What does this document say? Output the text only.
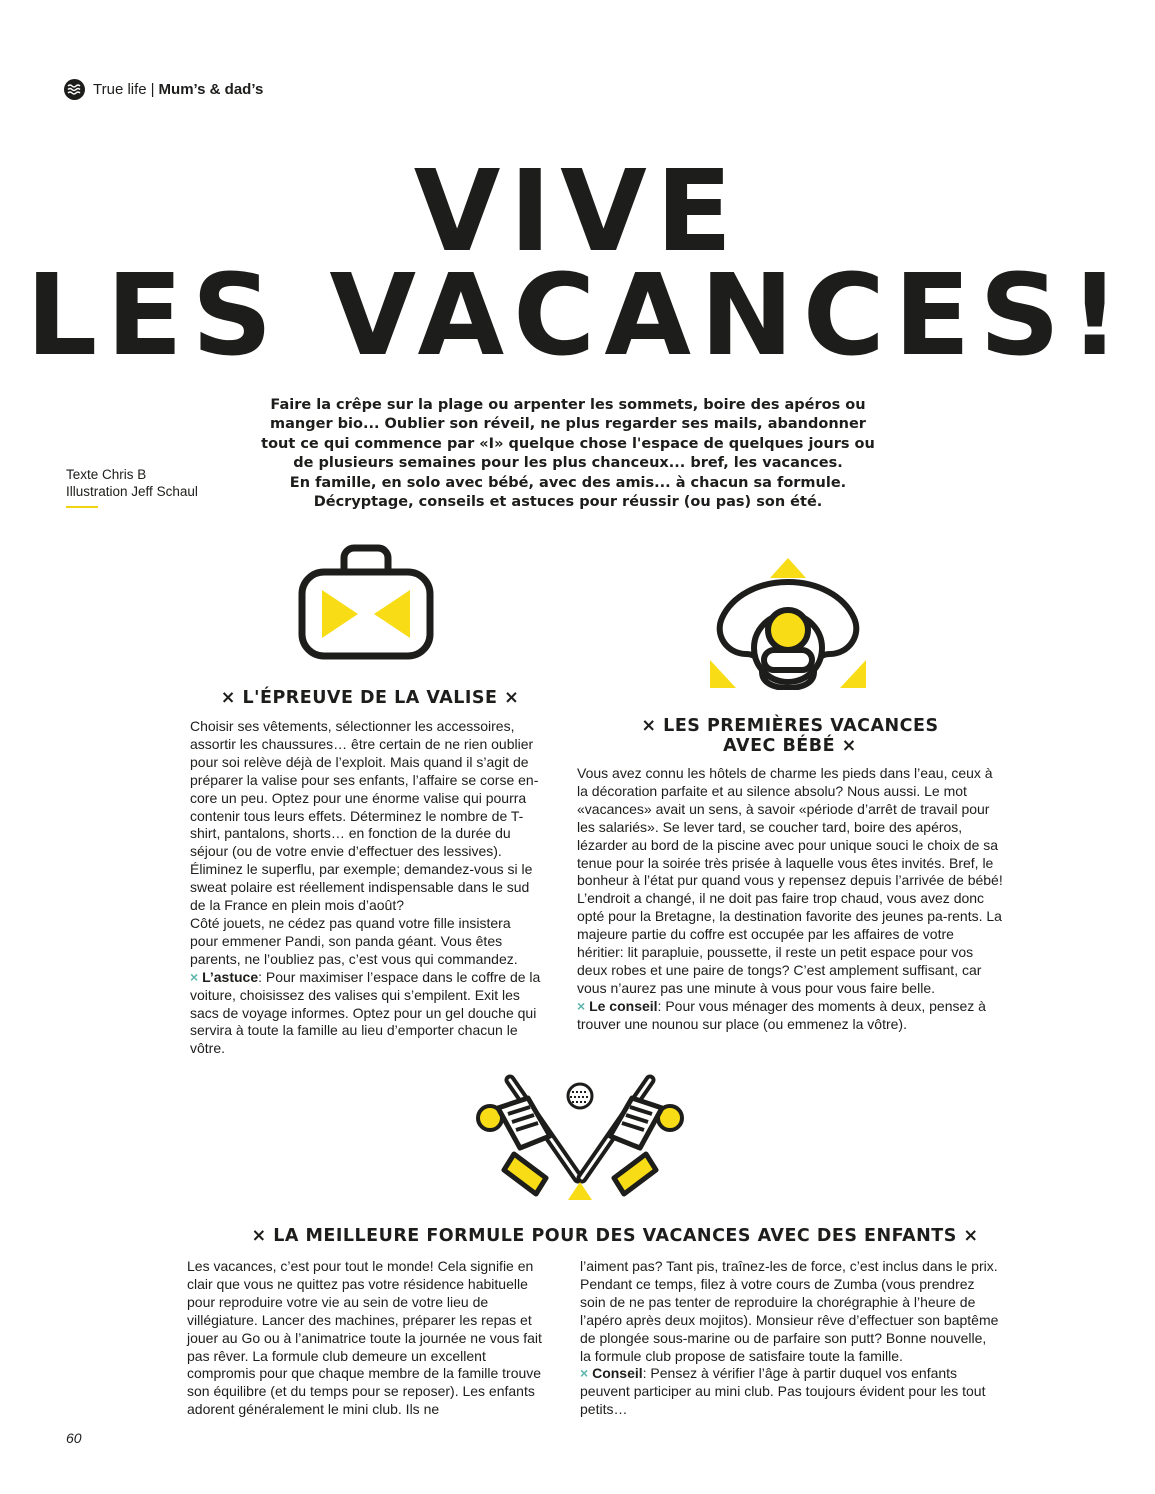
True life | Mum’s & dad’s
VIVE
LES VACANCES!
Faire la crêpe sur la plage ou arpenter les sommets, boire des apéros ou
manger bio... Oublier son réveil, ne plus regarder ses mails, abandonner
tout ce qui commence par «I» quelque chose l'espace de quelques jours ou
de plusieurs semaines pour les plus chanceux... bref, les vacances.
En famille, en solo avec bébé, avec des amis... à chacun sa formule.
Décryptage, conseils et astuces pour réussir (ou pas) son été.
Texte Chris B
Illustration Jeff Schaul
× L'ÉPREUVE DE LA VALISE ×

Choisir ses vêtements, sélectionner les accessoires, assortir les chaussures… être certain de ne rien oublier pour soi relève déjà de l’exploit. Mais quand il s’agit de préparer la valise pour ses enfants, l’affaire se corse en-core un peu. Optez pour une énorme valise qui pourra contenir tous leurs effets. Déterminez le nombre de T-shirt, pantalons, shorts… en fonction de la durée du séjour (ou de votre envie d’effectuer des lessives). Éliminez le superflu, par exemple; demandez-vous si le sweat polaire est réellement indispensable dans le sud de la France en plein mois d’août?

Côté jouets, ne cédez pas quand votre fille insistera pour emmener Pandi, son panda géant. Vous êtes parents, ne l’oubliez pas, c’est vous qui commandez.

× L’astuce: Pour maximiser l’espace dans le coffre de la voiture, choisissez des valises qui s’empilent. Exit les sacs de voyage informes. Optez pour un gel douche qui servira à toute la famille au lieu d’emporter chacun le vôtre.

× LES PREMIÈRES VACANCES
AVEC BÉBÉ ×

Vous avez connu les hôtels de charme les pieds dans l’eau, ceux à la décoration parfaite et au silence absolu? Nous aussi. Le mot «vacances» avait un sens, à savoir «période d’arrêt de travail pour les salariés». Se lever tard, se coucher tard, boire des apéros, lézarder au bord de la piscine avec pour unique souci le choix de sa tenue pour la soirée très prisée à laquelle vous êtes invités. Bref, le bonheur à l’état pur quand vous y repensez depuis l’arrivée de bébé! L’endroit a changé, il ne doit pas faire trop chaud, vous avez donc opté pour la Bretagne, la destination favorite des jeunes pa-rents. La majeure partie du coffre est occupée par les affaires de votre héritier: lit parapluie, poussette, il reste un petit espace pour vos deux robes et une paire de tongs? C’est amplement suffisant, car vous n’aurez pas une minute à vous pour vous faire belle.

× Le conseil: Pour vous ménager des moments à deux, pensez à trouver une nounou sur place (ou emmenez la vôtre).

× LA MEILLEURE FORMULE POUR DES VACANCES AVEC DES ENFANTS ×

Les vacances, c’est pour tout le monde! Cela signifie en clair que vous ne quittez pas votre résidence habituelle pour reproduire votre vie au sein de votre lieu de villégiature. Lancer des machines, préparer les repas et jouer au Go ou à l’animatrice toute la journée ne vous fait pas rêver. La formule club demeure un excellent compromis pour que chaque membre de la famille trouve son équilibre (et du temps pour se reposer). Les enfants adorent généralement le mini club. Ils ne

l’aiment pas? Tant pis, traînez-les de force, c’est inclus dans le prix. Pendant ce temps, filez à votre cours de Zumba (vous prendrez soin de ne pas tenter de reproduire la chorégraphie à l’heure de l’apéro après deux mojitos). Monsieur rêve d’effectuer son baptême de plongée sous-marine ou de parfaire son putt? Bonne nouvelle, la formule club propose de satisfaire toute la famille.

× Conseil: Pensez à vérifier l’âge à partir duquel vos enfants peuvent participer au mini club. Pas toujours évident pour les tout petits…

60
